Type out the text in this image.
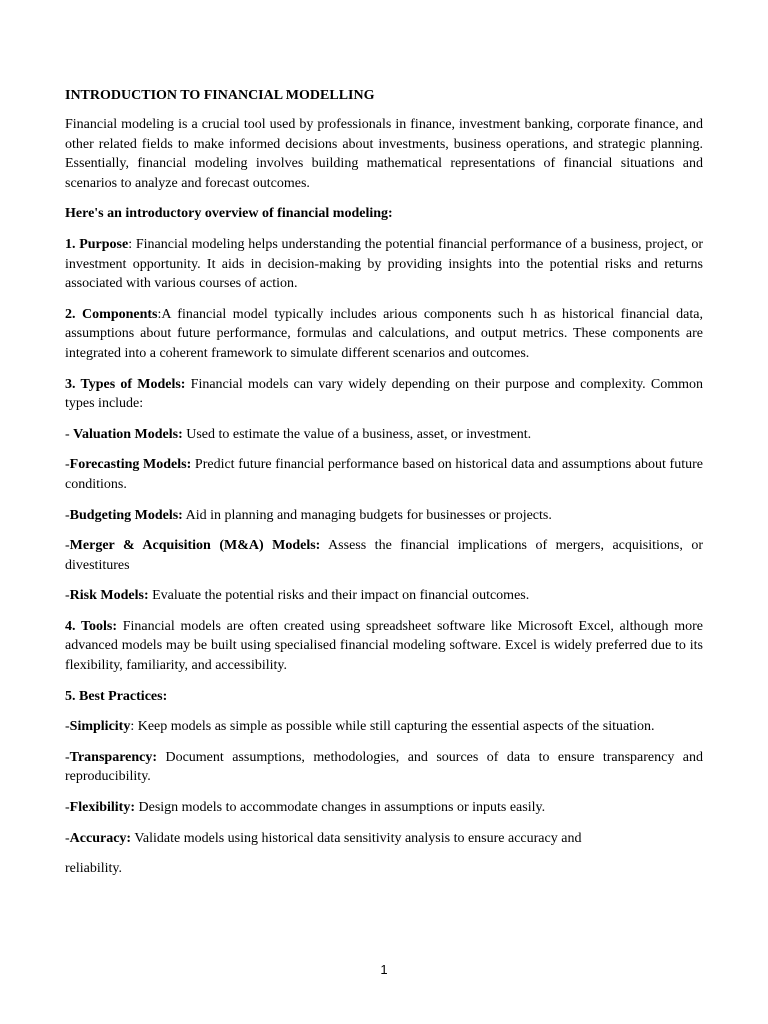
INTRODUCTION TO FINANCIAL MODELLING

Financial modeling is a crucial tool used by professionals in finance, investment banking, corporate finance, and other related fields to make informed decisions about investments, business operations, and strategic planning. Essentially, financial modeling involves building mathematical representations of financial situations and scenarios to analyze and forecast outcomes.

Here's an introductory overview of financial modeling:

1. Purpose: Financial modeling helps understanding the potential financial performance of a business, project, or investment opportunity. It aids in decision-making by providing insights into the potential risks and returns associated with various courses of action.

2. Components:A financial model typically includes arious components such h as historical financial data, assumptions about future performance, formulas and calculations, and output metrics. These components are integrated into a coherent framework to simulate different scenarios and outcomes.

3. Types of Models: Financial models can vary widely depending on their purpose and complexity. Common types include:

- Valuation Models: Used to estimate the value of a business, asset, or investment.

-Forecasting Models: Predict future financial performance based on historical data and assumptions about future conditions.

-Budgeting Models: Aid in planning and managing budgets for businesses or projects.

-Merger & Acquisition (M&A) Models: Assess the financial implications of mergers, acquisitions, or divestitures

-Risk Models: Evaluate the potential risks and their impact on financial outcomes.

4. Tools: Financial models are often created using spreadsheet software like Microsoft Excel, although more advanced models may be built using specialised financial modeling software. Excel is widely preferred due to its flexibility, familiarity, and accessibility.

5. Best Practices:

-Simplicity: Keep models as simple as possible while still capturing the essential aspects of the situation.

-Transparency: Document assumptions, methodologies, and sources of data to ensure transparency and reproducibility.

-Flexibility: Design models to accommodate changes in assumptions or inputs easily.

-Accuracy: Validate models using historical data sensitivity analysis to ensure accuracy and

reliability.

1
